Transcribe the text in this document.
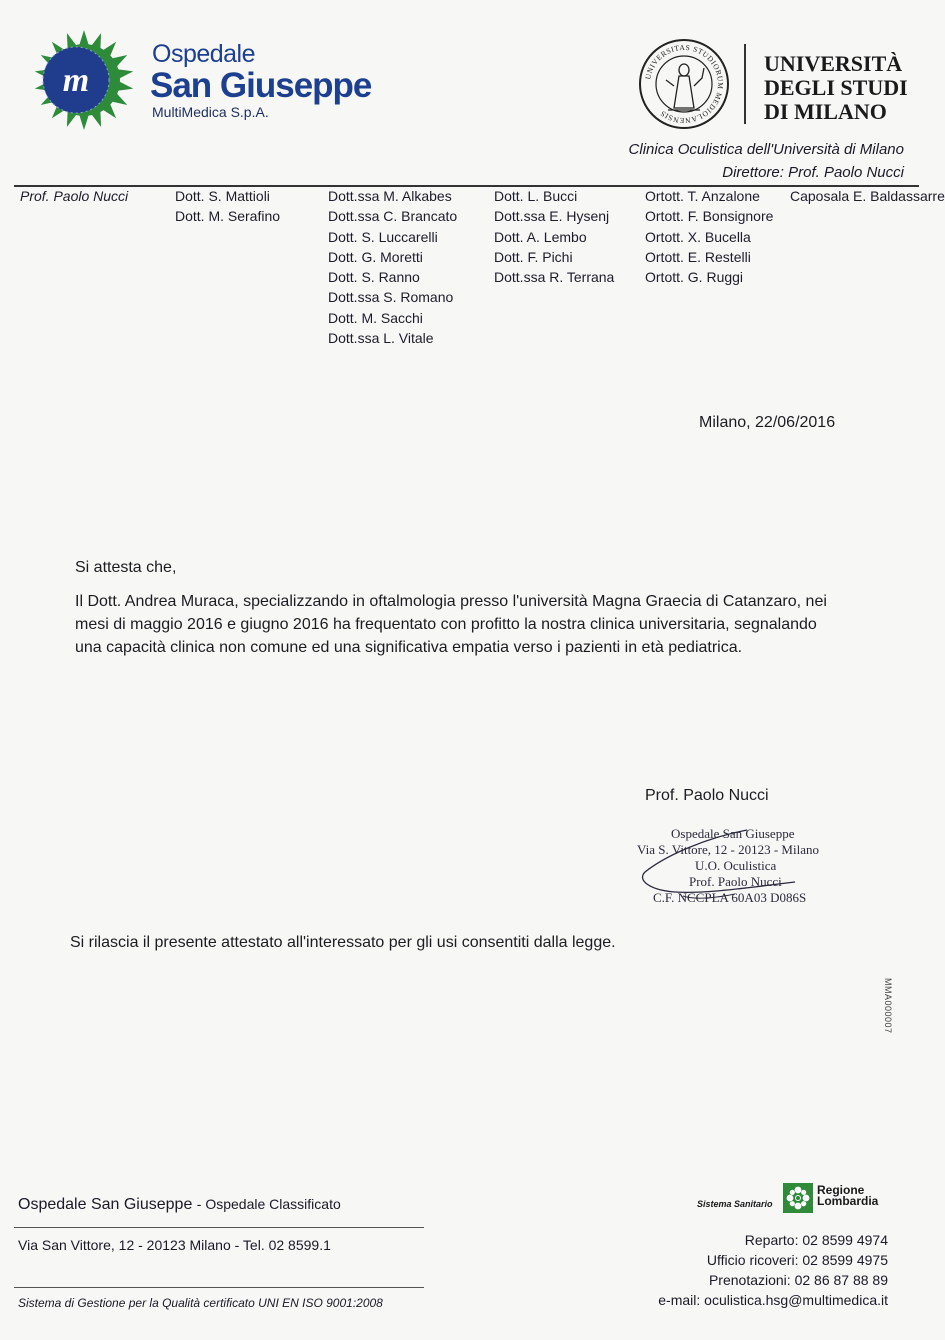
m
Ospedale
San Giuseppe
MultiMedica S.p.A.
UNIVERSITAS STUDIORUM MEDIOLANENSIS
UNIVERSITÀ
DEGLI STUDI
DI MILANO
Clinica Oculistica dell'Università di Milano
Direttore: Prof. Paolo Nucci
Prof. Paolo Nucci	Dott. S. Mattioli
Dott. M. Serafino
Dott.ssa M. Alkabes
Dott.ssa C. Brancato
Dott. S. Luccarelli
Dott. G. Moretti
Dott. S. Ranno
Dott.ssa S. Romano
Dott. M. Sacchi
Dott.ssa L. Vitale
Dott. L. Bucci
Dott.ssa E. Hysenj
Dott. A. Lembo
Dott. F. Pichi
Dott.ssa R. Terrana
Ortott. T. Anzalone
Ortott. F. Bonsignore
Ortott. X. Bucella
Ortott. E. Restelli
Ortott. G. Ruggi
Caposala E. Baldassarre
Milano, 22/06/2016
Si attesta che,
Il Dott. Andrea Muraca, specializzando in oftalmologia presso l'università Magna Graecia di Catanzaro, nei mesi di maggio 2016 e giugno 2016 ha frequentato con profitto la nostra clinica universitaria, segnalando una capacità clinica non comune ed una significativa empatia verso i pazienti in età pediatrica.
Prof. Paolo Nucci
Ospedale San Giuseppe
Via S. Vittore, 12 - 20123 - Milano
U.O. Oculistica
Prof. Paolo Nucci
C.F. NCCPLA 60A03 D086S
Si rilascia il presente attestato all'interessato per gli usi consentiti dalla legge.
MMA000007
Ospedale San Giuseppe - Ospedale Classificato
Via San Vittore, 12 - 20123 Milano - Tel. 02 8599.1
Sistema di Gestione per la Qualità certificato UNI EN ISO 9001:2008
Sistema Sanitario
Regione
Lombardia
Reparto: 02 8599 4974
Ufficio ricoveri: 02 8599 4975
Prenotazioni: 02 86 87 88 89
e-mail: oculistica.hsg@multimedica.it
